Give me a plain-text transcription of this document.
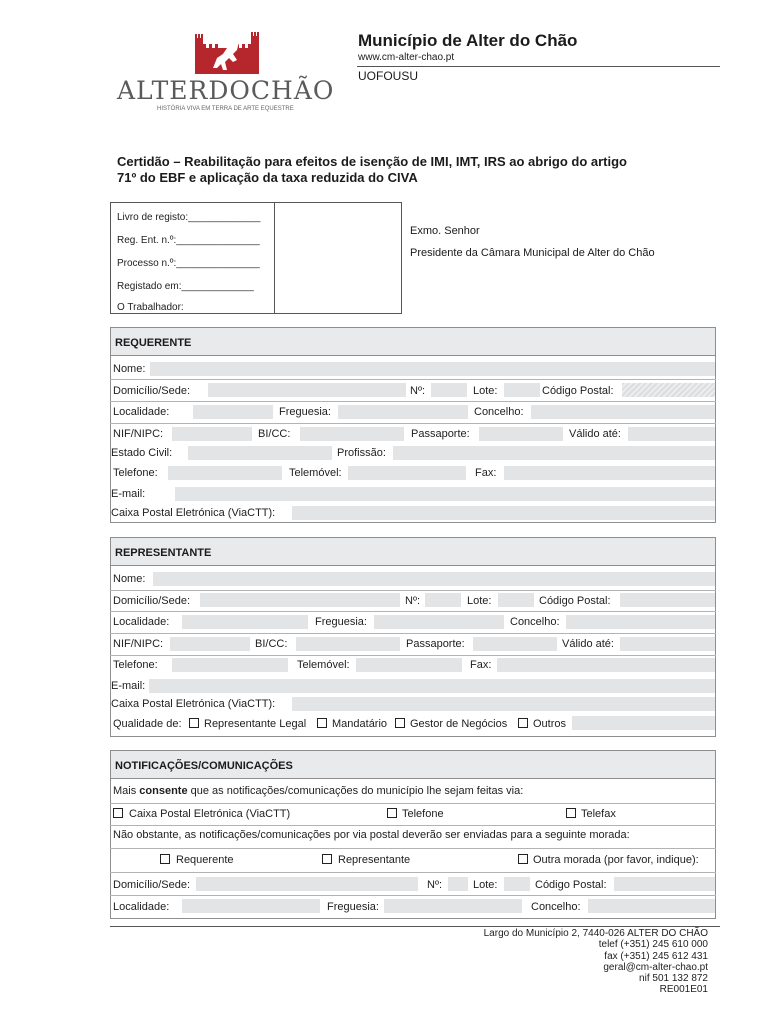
ALTERDOCHÃO
HISTÓRIA VIVA EM TERRA DE ARTE EQUESTRE
Município de Alter do Chão
www.cm-alter-chao.pt
UOFOUSU
Certidão – Reabilitação para efeitos de isenção de IMI, IMT, IRS ao abrigo do artigo
71º do EBF e aplicação da taxa reduzida do CIVA
Livro de registo:_____________
Reg. Ent. n.º:_______________
Processo n.º:_______________
Registado em:_____________
O Trabalhador:
Exmo. Senhor
Presidente da Câmara Municipal de Alter do Chão
REQUERENTE
Nome:
Domicílio/Sede:	Nº:	Lote:	Código Postal:
Localidade:	Freguesia:	Concelho:
NIF/NIPC:	BI/CC:	Passaporte:	Válido até:
Estado Civil:	Profissão:
Telefone:	Telemóvel:	Fax:
E-mail:
Caixa Postal Eletrónica (ViaCTT):
REPRESENTANTE
Nome:
Domicílio/Sede:	Nº:	Lote:	Código Postal:
Localidade:	Freguesia:	Concelho:
NIF/NIPC:	BI/CC:	Passaporte:	Válido até:
Telefone:	Telemóvel:	Fax:
E-mail:
Caixa Postal Eletrónica (ViaCTT):
Qualidade de: Representante Legal Mandatário Gestor de Negócios Outros
NOTIFICAÇÕES/COMUNICAÇÕES
Mais consente que as notificações/comunicações do município lhe sejam feitas via:
Caixa Postal Eletrónica (ViaCTT)	Telefone	Telefax
Não obstante, as notificações/comunicações por via postal deverão ser enviadas para a seguinte morada:
Requerente	Representante	Outra morada (por favor, indique):
Domicílio/Sede:	Nº:	Lote:	Código Postal:
Localidade:	Freguesia:	Concelho:
Largo do Município 2, 7440-026 ALTER DO CHÃO
telef (+351) 245 610 000
fax (+351) 245 612 431
geral@cm-alter-chao.pt
nif 501 132 872
RE001E01
